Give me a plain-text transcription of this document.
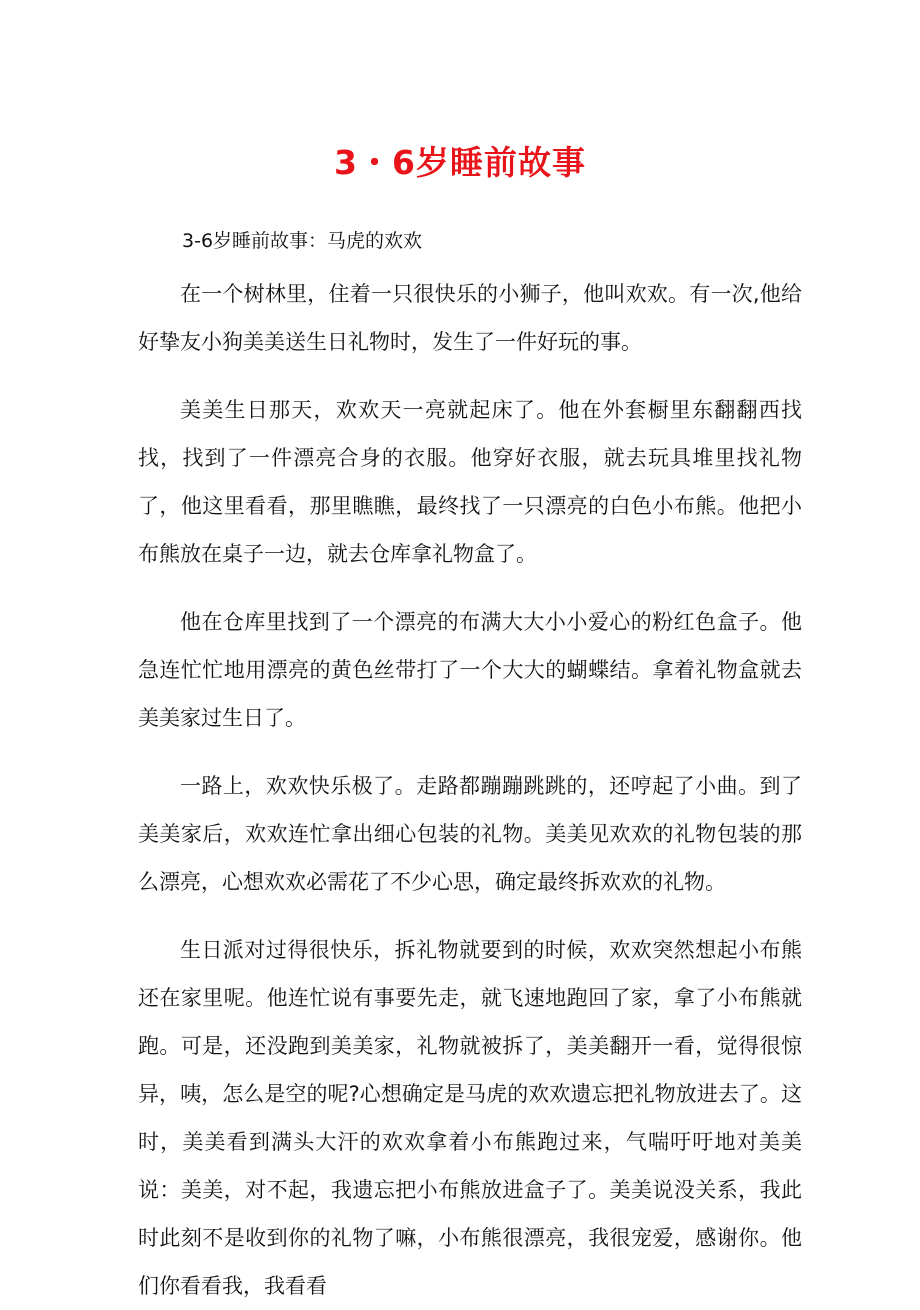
3・6岁睡前故事
3-6岁睡前故事：马虎的欢欢

在一个树林里，住着一只很快乐的小狮子，他叫欢欢。有一次,他给好挚友小狗美美送生日礼物时，发生了一件好玩的事。

美美生日那天，欢欢天一亮就起床了。他在外套橱里东翻翻西找找，找到了一件漂亮合身的衣服。他穿好衣服，就去玩具堆里找礼物了，他这里看看，那里瞧瞧，最终找了一只漂亮的白色小布熊。他把小布熊放在桌子一边，就去仓库拿礼物盒了。

他在仓库里找到了一个漂亮的布满大大小小爱心的粉红色盒子。他急连忙忙地用漂亮的黄色丝带打了一个大大的蝴蝶结。拿着礼物盒就去美美家过生日了。

一路上，欢欢快乐极了。走路都蹦蹦跳跳的，还哼起了小曲。到了美美家后，欢欢连忙拿出细心包装的礼物。美美见欢欢的礼物包装的那么漂亮，心想欢欢必需花了不少心思，确定最终拆欢欢的礼物。

生日派对过得很快乐，拆礼物就要到的时候，欢欢突然想起小布熊还在家里呢。他连忙说有事要先走，就飞速地跑回了家，拿了小布熊就跑。可是，还没跑到美美家，礼物就被拆了，美美翻开一看，觉得很惊异，咦，怎么是空的呢?心想确定是马虎的欢欢遗忘把礼物放进去了。这时，美美看到满头大汗的欢欢拿着小布熊跑过来，气喘吁吁地对美美说：美美，对不起，我遗忘把小布熊放进盒子了。美美说没关系，我此时此刻不是收到你的礼物了嘛，小布熊很漂亮，我很宠爱，感谢你。他们你看看我，我看看
